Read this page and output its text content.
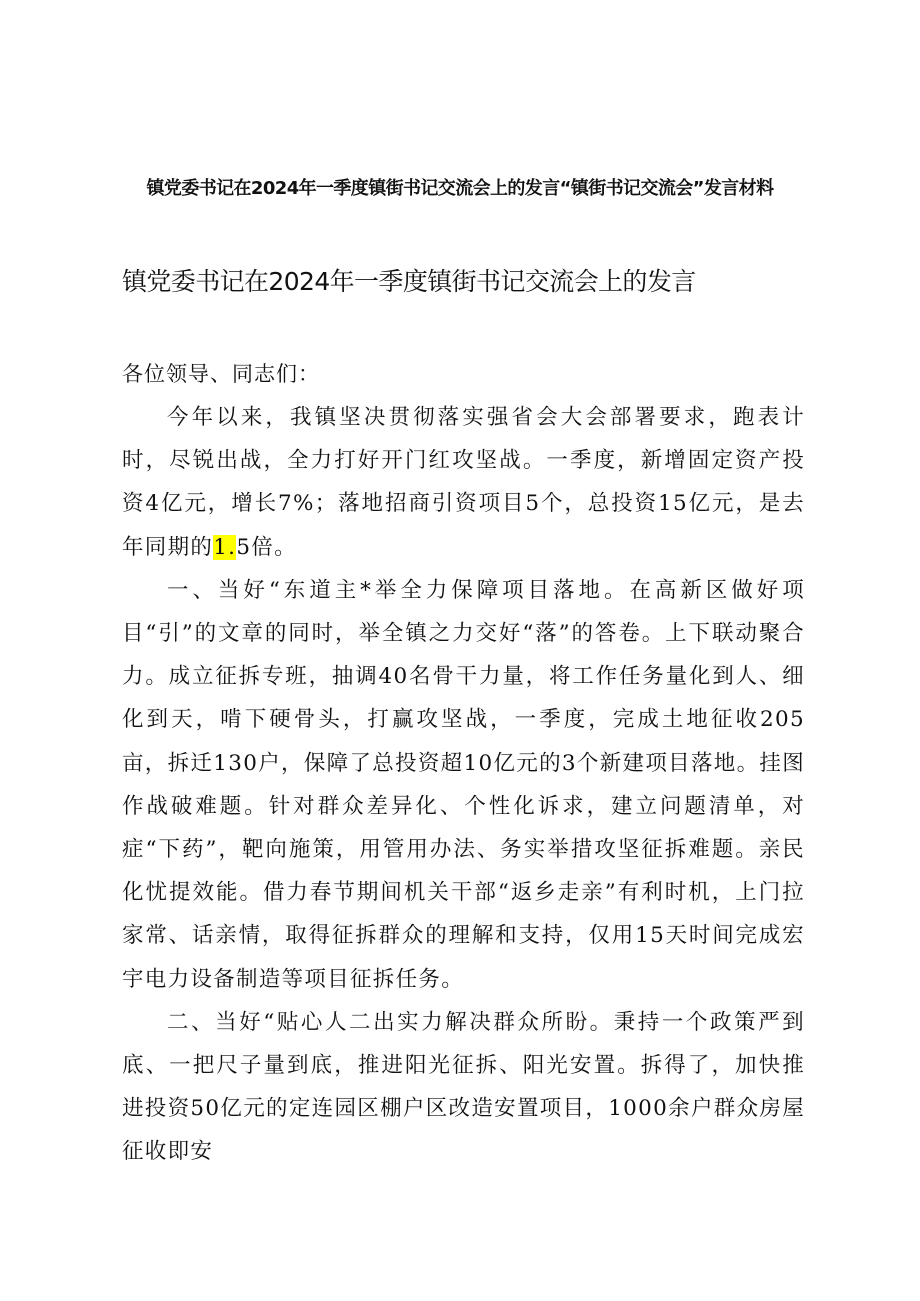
镇党委书记在2024年一季度镇街书记交流会上的发言“镇街书记交流会”发言材料
镇党委书记在2024年一季度镇街书记交流会上的发言
各位领导、同志们：

今年以来，我镇坚决贯彻落实强省会大会部署要求，跑表计时，尽锐出战，全力打好开门红攻坚战。一季度，新增固定资产投资4亿元，增长7%；落地招商引资项目5个，总投资15亿元，是去年同期的1.5倍。

一、当好“东道主*举全力保障项目落地。在高新区做好项目“引”的文章的同时，举全镇之力交好“落”的答卷。上下联动聚合力。成立征拆专班，抽调40名骨干力量，将工作任务量化到人、细化到天，啃下硬骨头，打赢攻坚战，一季度，完成土地征收205亩，拆迁130户，保障了总投资超10亿元的3个新建项目落地。挂图作战破难题。针对群众差异化、个性化诉求，建立问题清单，对症“下药”，靶向施策，用管用办法、务实举措攻坚征拆难题。亲民化忧提效能。借力春节期间机关干部“返乡走亲”有利时机，上门拉家常、话亲情，取得征拆群众的理解和支持，仅用15天时间完成宏宇电力设备制造等项目征拆任务。

二、当好“贴心人二出实力解决群众所盼。秉持一个政策严到底、一把尺子量到底，推进阳光征拆、阳光安置。拆得了，加快推进投资50亿元的定连园区棚户区改造安置项目，1000余户群众房屋征收即安
